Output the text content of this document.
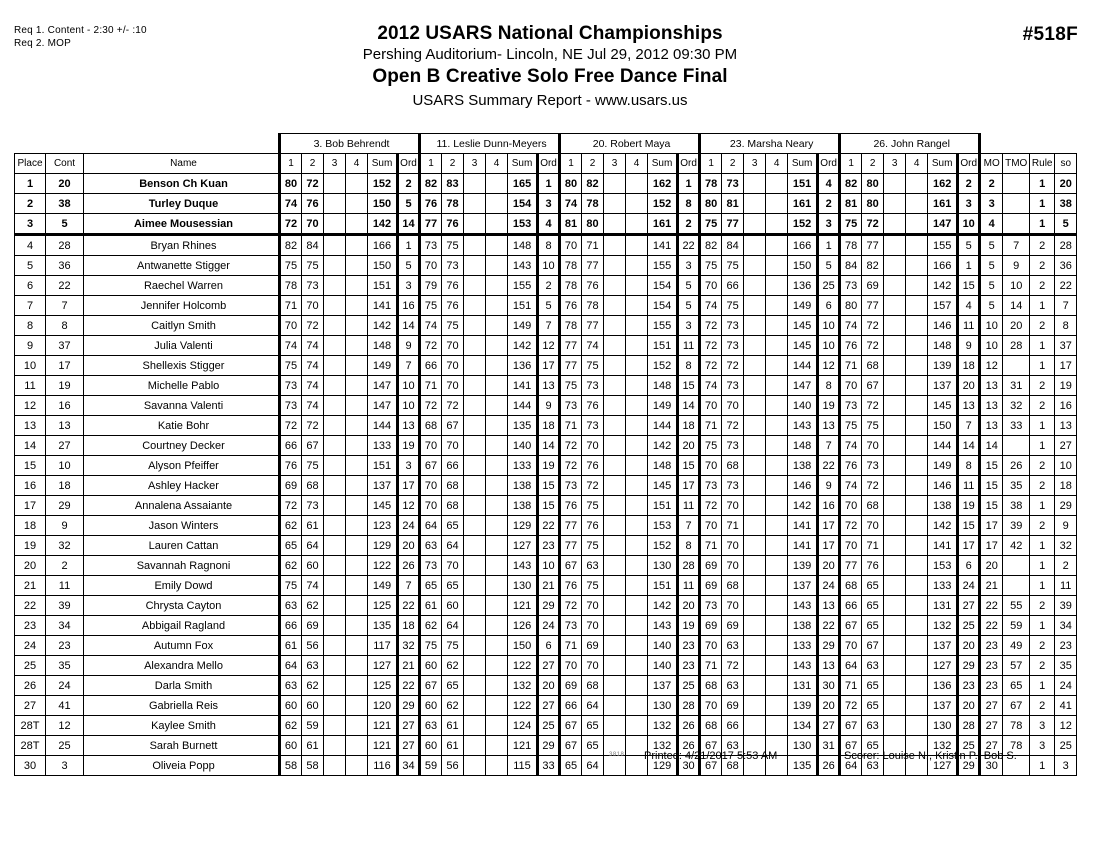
Req 1. Content - 2:30 +/- :10
Req 2. MOP	#518F
2012 USARS National Championships
Pershing Auditorium- Lincoln, NE Jul 29, 2012 09:30 PM
Open B Creative Solo Free Dance Final
USARS Summary Report - www.usars.us
			3. Bob Behrendt						11. Leslie Dunn-Meyers						20. Robert Maya						23. Marsha Neary						26. John Rangel									
Place	Cont	Name	1	2	3	4	Sum	Ord	1	2	3	4	Sum	Ord	1	2	3	4	Sum	Ord	1	2	3	4	Sum	Ord	1	2	3	4	Sum	Ord	MO	TMO	Rule	so
1	20	Benson Ch Kuan	80	72			152	2	82	83			165	1	80	82			162	1	78	73			151	4	82	80			162	2	2		1	20
2	38	Turley Duque	74	76			150	5	76	78			154	3	74	78			152	8	80	81			161	2	81	80			161	3	3		1	38
3	5	Aimee Mousessian	72	70			142	14	77	76			153	4	81	80			161	2	75	77			152	3	75	72			147	10	4		1	5
4	28	Bryan Rhines	82	84			166	1	73	75			148	8	70	71			141	22	82	84			166	1	78	77			155	5	5	7	2	28
5	36	Antwanette Stigger	75	75			150	5	70	73			143	10	78	77			155	3	75	75			150	5	84	82			166	1	5	9	2	36
6	22	Raechel Warren	78	73			151	3	79	76			155	2	78	76			154	5	70	66			136	25	73	69			142	15	5	10	2	22
7	7	Jennifer Holcomb	71	70			141	16	75	76			151	5	76	78			154	5	74	75			149	6	80	77			157	4	5	14	1	7
8	8	Caitlyn Smith	70	72			142	14	74	75			149	7	78	77			155	3	72	73			145	10	74	72			146	11	10	20	2	8
9	37	Julia Valenti	74	74			148	9	72	70			142	12	77	74			151	11	72	73			145	10	76	72			148	9	10	28	1	37
10	17	Shellexis Stigger	75	74			149	7	66	70			136	17	77	75			152	8	72	72			144	12	71	68			139	18	12		1	17
11	19	Michelle Pablo	73	74			147	10	71	70			141	13	75	73			148	15	74	73			147	8	70	67			137	20	13	31	2	19
12	16	Savanna Valenti	73	74			147	10	72	72			144	9	73	76			149	14	70	70			140	19	73	72			145	13	13	32	2	16
13	13	Katie Bohr	72	72			144	13	68	67			135	18	71	73			144	18	71	72			143	13	75	75			150	7	13	33	1	13
14	27	Courtney Decker	66	67			133	19	70	70			140	14	72	70			142	20	75	73			148	7	74	70			144	14	14		1	27
15	10	Alyson Pfeiffer	76	75			151	3	67	66			133	19	72	76			148	15	70	68			138	22	76	73			149	8	15	26	2	10
16	18	Ashley Hacker	69	68			137	17	70	68			138	15	73	72			145	17	73	73			146	9	74	72			146	11	15	35	2	18
17	29	Annalena Assaiante	72	73			145	12	70	68			138	15	76	75			151	11	72	70			142	16	70	68			138	19	15	38	1	29
18	9	Jason Winters	62	61			123	24	64	65			129	22	77	76			153	7	70	71			141	17	72	70			142	15	17	39	2	9
19	32	Lauren Cattan	65	64			129	20	63	64			127	23	77	75			152	8	71	70			141	17	70	71			141	17	17	42	1	32
20	2	Savannah Ragnoni	62	60			122	26	73	70			143	10	67	63			130	28	69	70			139	20	77	76			153	6	20		1	2
21	11	Emily Dowd	75	74			149	7	65	65			130	21	76	75			151	11	69	68			137	24	68	65			133	24	21		1	11
22	39	Chrysta Cayton	63	62			125	22	61	60			121	29	72	70			142	20	73	70			143	13	66	65			131	27	22	55	2	39
23	34	Abbigail Ragland	66	69			135	18	62	64			126	24	73	70			143	19	69	69			138	22	67	65			132	25	22	59	1	34
24	23	Autumn Fox	61	56			117	32	75	75			150	6	71	69			140	23	70	63			133	29	70	67			137	20	23	49	2	23
25	35	Alexandra Mello	64	63			127	21	60	62			122	27	70	70			140	23	71	72			143	13	64	63			127	29	23	57	2	35
26	24	Darla Smith	63	62			125	22	67	65			132	20	69	68			137	25	68	63			131	30	71	65			136	23	23	65	1	24
27	41	Gabriella Reis	60	60			120	29	60	62			122	27	66	64			130	28	70	69			139	20	72	65			137	20	27	67	2	41
28T	12	Kaylee Smith	62	59			121	27	63	61			124	25	67	65			132	26	68	66			134	27	67	63			130	28	27	78	3	12
28T	25	Sarah Burnett	60	61			121	27	60	61			121	29	67	65			132	26	67	63			130	31	67	65			132	25	27	78	3	25
30	3	Oliveia Popp	58	58			116	34	59	56			115	33	65	64			129	30	67	68			135	26	64	63			127	29	30		1	3
3818 Printed: 4/21/2017 5:53 AM	Scorer: Louise N., Kristin P., Bob S.
